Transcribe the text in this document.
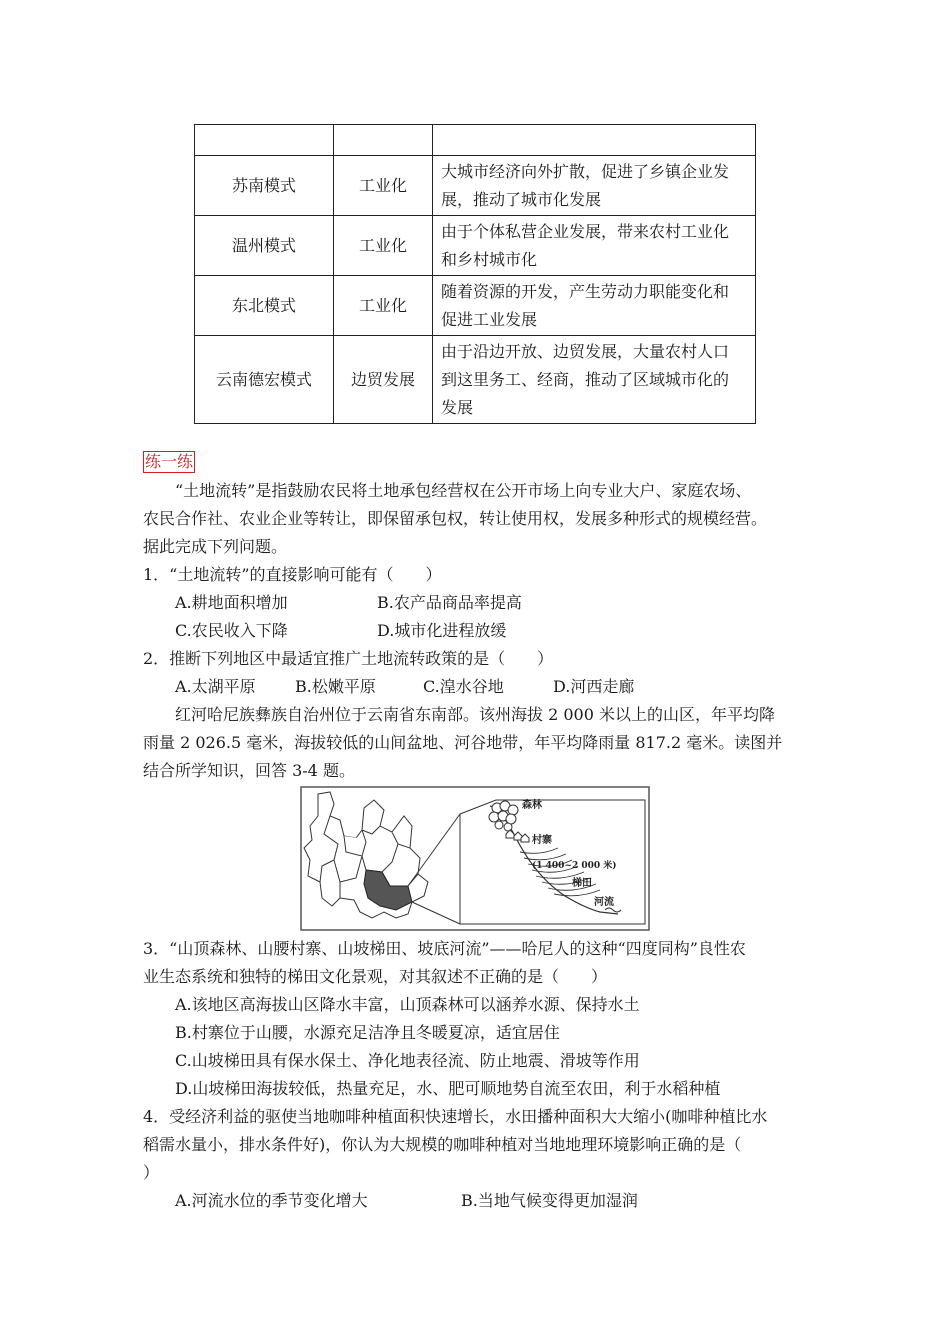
苏南模式	工业化	大城市经济向外扩散，促进了乡镇企业发
展，推动了城市化发展

温州模式	工业化	由于个体私营企业发展，带来农村工业化
和乡村城市化

东北模式	工业化	随着资源的开发，产生劳动力职能变化和
促进工业发展

云南德宏模式	边贸发展	由于沿边开放、边贸发展，大量农村人口
到这里务工、经商，推动了区域城市化的
发展
练一练
“土地流转”是指鼓励农民将土地承包经营权在公开市场上向专业大户、家庭农场、
农民合作社、农业企业等转让，即保留承包权，转让使用权，发展多种形式的规模经营。
据此完成下列问题。
1．“土地流转”的直接影响可能有（　　）
A.耕地面积增加	B.农产品商品率提高
C.农民收入下降	D.城市化进程放缓
2．推断下列地区中最适宜推广土地流转政策的是（　　）
A.太湖平原 B.松嫩平原	C.湟水谷地	D.河西走廊
红河哈尼族彝族自治州位于云南省东南部。该州海拔 2 000 米以上的山区，年平均降
雨量 2 026.5 毫米，海拔较低的山间盆地、河谷地带，年平均降雨量 817.2 毫米。读图并
结合所学知识，回答 3-4 题。
森林
村寨
(1 400~2 000 米)
梯田
河流
3．“山顶森林、山腰村寨、山坡梯田、坡底河流”——哈尼人的这种“四度同构”良性农
业生态系统和独特的梯田文化景观，对其叙述不正确的是（　　）
A.该地区高海拔山区降水丰富，山顶森林可以涵养水源、保持水土
B.村寨位于山腰，水源充足洁净且冬暖夏凉，适宜居住
C.山坡梯田具有保水保土、净化地表径流、防止地震、滑坡等作用
D.山坡梯田海拔较低，热量充足，水、肥可顺地势自流至农田，利于水稻种植
4．受经济利益的驱使当地咖啡种植面积快速增长，水田播种面积大大缩小(咖啡种植比水
稻需水量小，排水条件好)，你认为大规模的咖啡种植对当地地理环境影响正确的是（
）
A.河流水位的季节变化增大	B.当地气候变得更加湿润
